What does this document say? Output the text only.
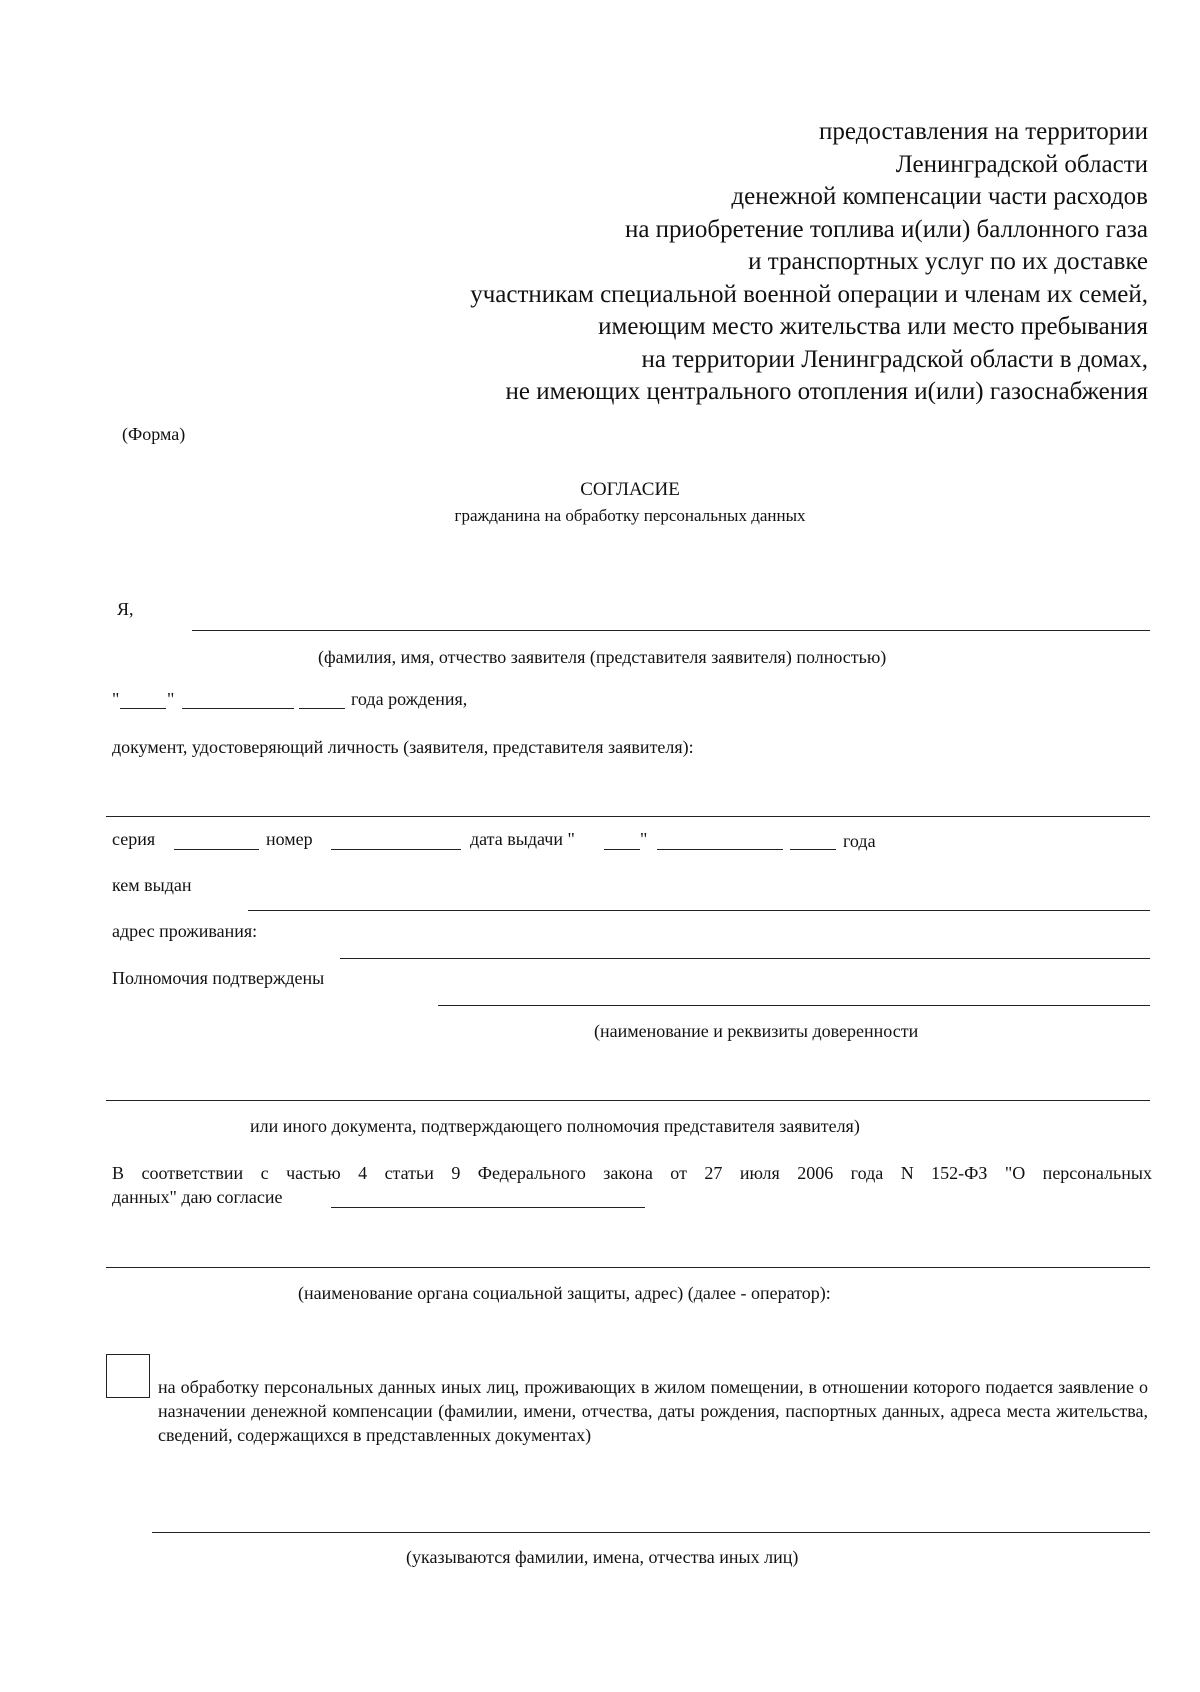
предоставления на территории
Ленинградской области
денежной компенсации части расходов
на приобретение топлива и(или) баллонного газа
и транспортных услуг по их доставке
участникам специальной военной операции и членам их семей,
имеющим место жительства или место пребывания
на территории Ленинградской области в домах,
не имеющих центрального отопления и(или) газоснабжения
(Форма)
СОГЛАСИЕ
гражданина на обработку персональных данных
Я,
(фамилия, имя, отчество заявителя (представителя заявителя) полностью)
"	"	года рождения,
документ, удостоверяющий личность (заявителя, представителя заявителя):
серия	номер	дата выдачи "	"	года
кем выдан
адрес проживания:
Полномочия подтверждены
(наименование и реквизиты доверенности
или иного документа, подтверждающего полномочия представителя заявителя)
В соответствии с частью 4 статьи 9 Федерального закона от 27 июля 2006 года N 152-ФЗ "О персональных
данных" даю согласие
(наименование органа социальной защиты, адрес) (далее - оператор):
на обработку персональных данных иных лиц, проживающих в жилом помещении, в отношении которого подается заявление о назначении денежной компенсации (фамилии, имени, отчества, даты рождения, паспортных данных, адреса места жительства, сведений, содержащихся в представленных документах)
(указываются фамилии, имена, отчества иных лиц)
